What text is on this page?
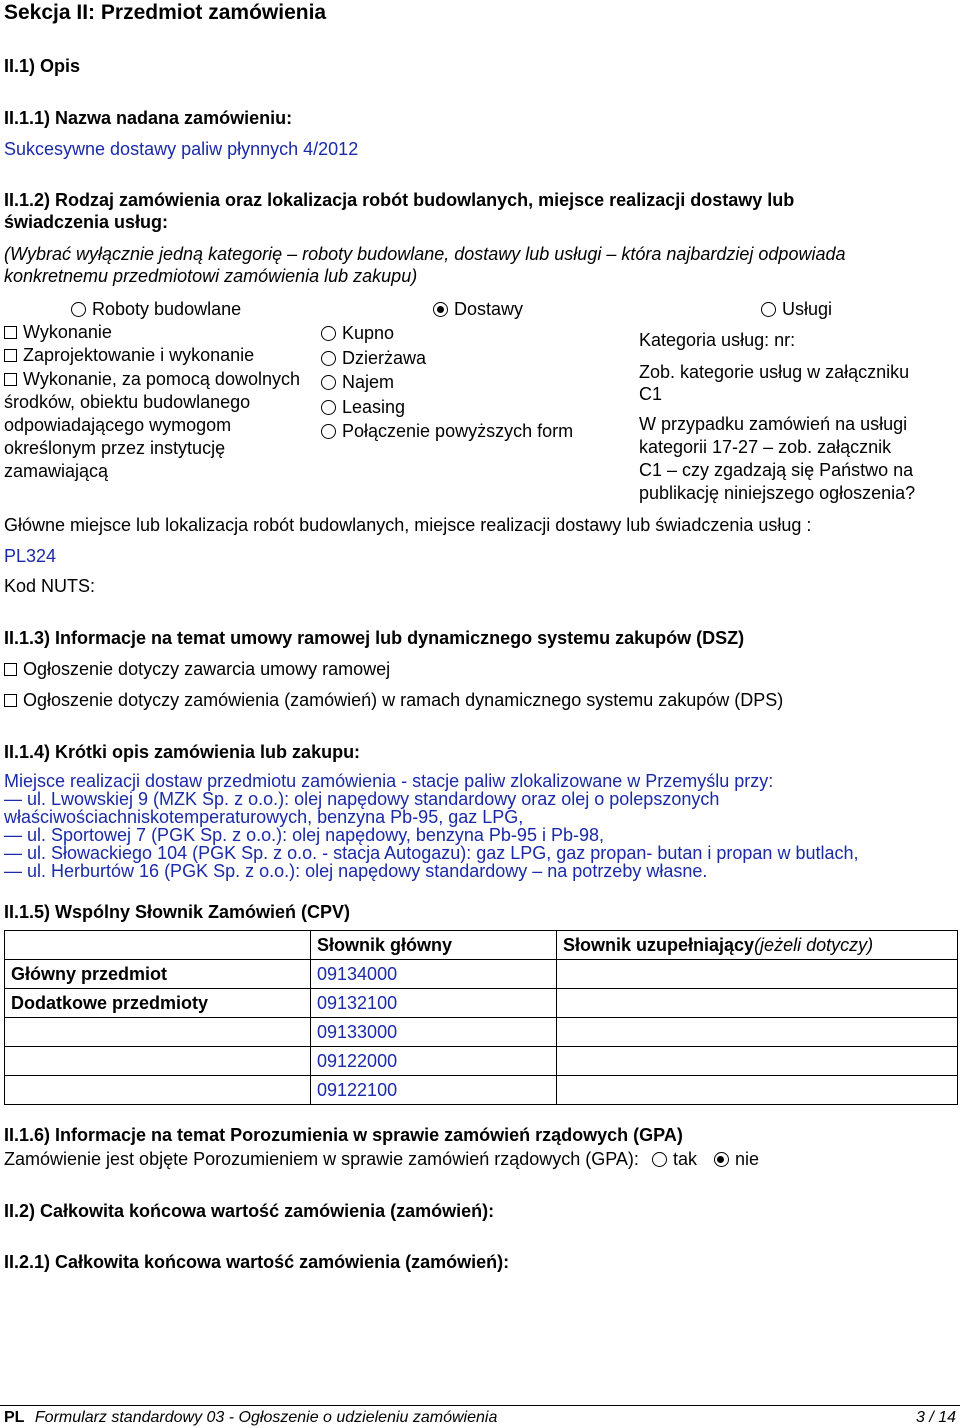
Sekcja II: Przedmiot zamówienia
II.1) Opis
II.1.1) Nazwa nadana zamówieniu:
Sukcesywne dostawy paliw płynnych 4/2012
II.1.2) Rodzaj zamówienia oraz lokalizacja robót budowlanych, miejsce realizacji dostawy lub
świadczenia usług:
(Wybrać wyłącznie jedną kategorię – roboty budowlane, dostawy lub usługi – która najbardziej odpowiada
konkretnemu przedmiotowi zamówienia lub zakupu)
Roboty budowlane	Dostawy	Usługi
Wykonanie
Zaprojektowanie i wykonanie
Wykonanie, za pomocą dowolnych
środków, obiektu budowlanego
odpowiadającego wymogom
określonym przez instytucję
zamawiającą
Kupno
Dzierżawa
Najem
Leasing
Połączenie powyższych form
Kategoria usług: nr:
Zob. kategorie usług w załączniku
C1
W przypadku zamówień na usługi
kategorii 17-27 – zob. załącznik
C1 – czy zgadzają się Państwo na
publikację niniejszego ogłoszenia?
Główne miejsce lub lokalizacja robót budowlanych, miejsce realizacji dostawy lub świadczenia usług :
PL324
Kod NUTS:
II.1.3) Informacje na temat umowy ramowej lub dynamicznego systemu zakupów (DSZ)
Ogłoszenie dotyczy zawarcia umowy ramowej
Ogłoszenie dotyczy zamówienia (zamówień) w ramach dynamicznego systemu zakupów (DPS)
II.1.4) Krótki opis zamówienia lub zakupu:
Miejsce realizacji dostaw przedmiotu zamówienia - stacje paliw zlokalizowane w Przemyślu przy:
— ul. Lwowskiej 9 (MZK Sp. z o.o.): olej napędowy standardowy oraz olej o polepszonych
właściwościachniskotemperaturowych, benzyna Pb-95, gaz LPG,
— ul. Sportowej 7 (PGK Sp. z o.o.): olej napędowy, benzyna Pb-95 i Pb-98,
— ul. Słowackiego 104 (PGK Sp. z o.o. - stacja Autogazu): gaz LPG, gaz propan- butan i propan w butlach,
— ul. Herburtów 16 (PGK Sp. z o.o.): olej napędowy standardowy – na potrzeby własne.
II.1.5) Wspólny Słownik Zamówień (CPV)
	Słownik główny	Słownik uzupełniający(jeżeli dotyczy)
Główny przedmiot	09134000	
Dodatkowe przedmioty	09132100	
	09133000	
	09122000	
	09122100	
II.1.6) Informacje na temat Porozumienia w sprawie zamówień rządowych (GPA)
Zamówienie jest objęte Porozumieniem w sprawie zamówień rządowych (GPA): tak nie
II.2) Całkowita końcowa wartość zamówienia (zamówień):
II.2.1) Całkowita końcowa wartość zamówienia (zamówień):
PL Formularz standardowy 03 - Ogłoszenie o udzieleniu zamówienia	3 / 14
